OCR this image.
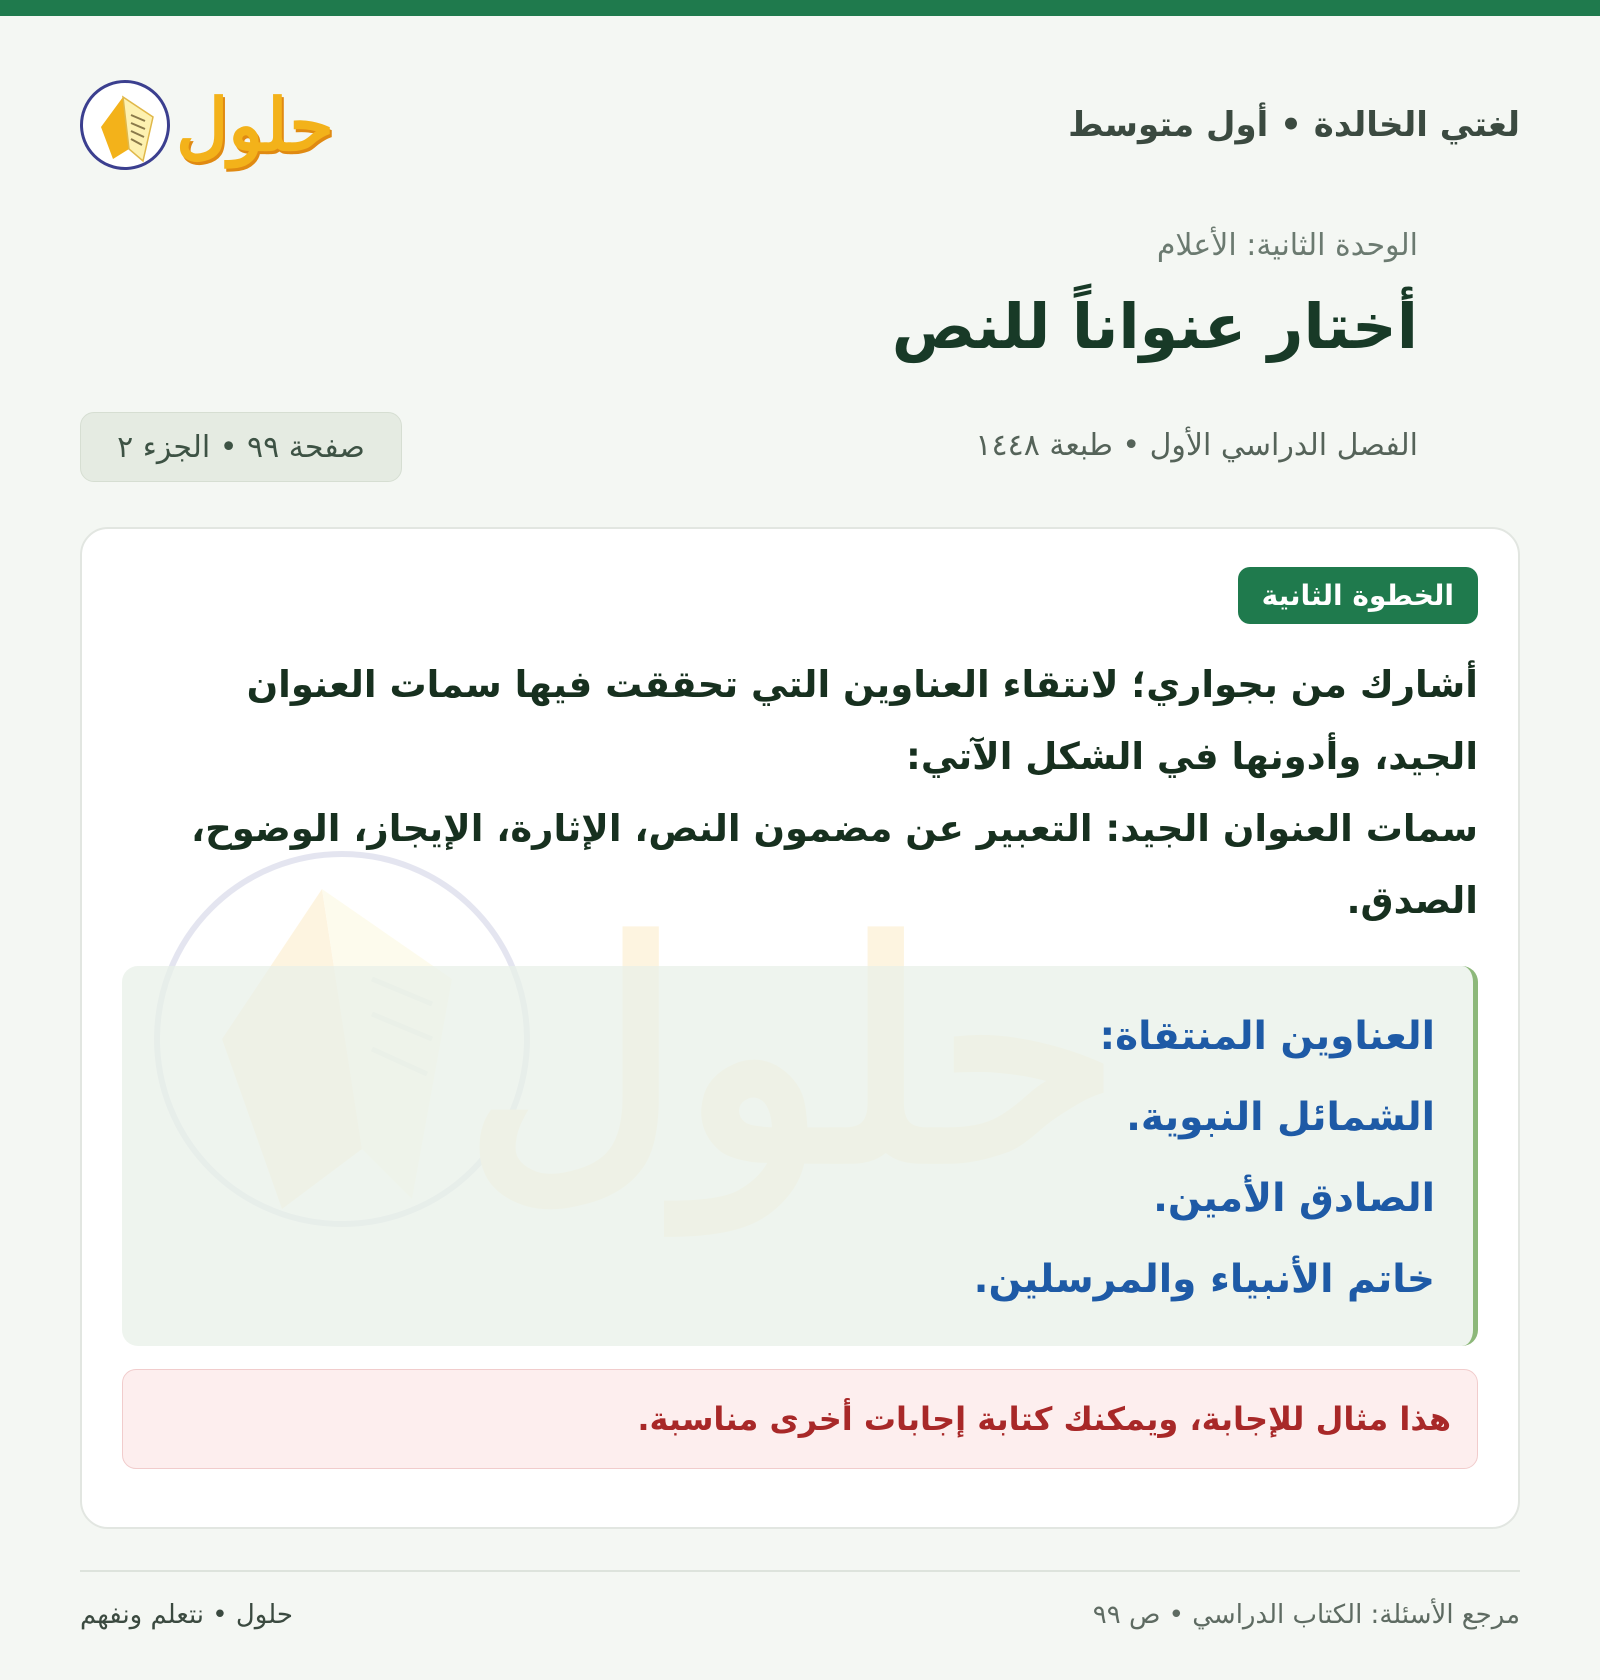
لغتي الخالدة • أول متوسط
حلول
الوحدة الثانية: الأعلام
أختار عنواناً للنص
الفصل الدراسي الأول • طبعة ١٤٤٨
صفحة ٩٩ • الجزء ٢
الخطوة الثانية
أشارك من بجواري؛ لانتقاء العناوين التي تحققت فيها سمات العنوان
الجيد، وأدونها في الشكل الآتي:
سمات العنوان الجيد: التعبير عن مضمون النص، الإثارة، الإيجاز، الوضوح،
الصدق.
العناوين المنتقاة:
الشمائل النبوية.
الصادق الأمين.
خاتم الأنبياء والمرسلين.
هذا مثال للإجابة، ويمكنك كتابة إجابات أخرى مناسبة.
مرجع الأسئلة: الكتاب الدراسي • ص ٩٩
حلول • نتعلم ونفهم
